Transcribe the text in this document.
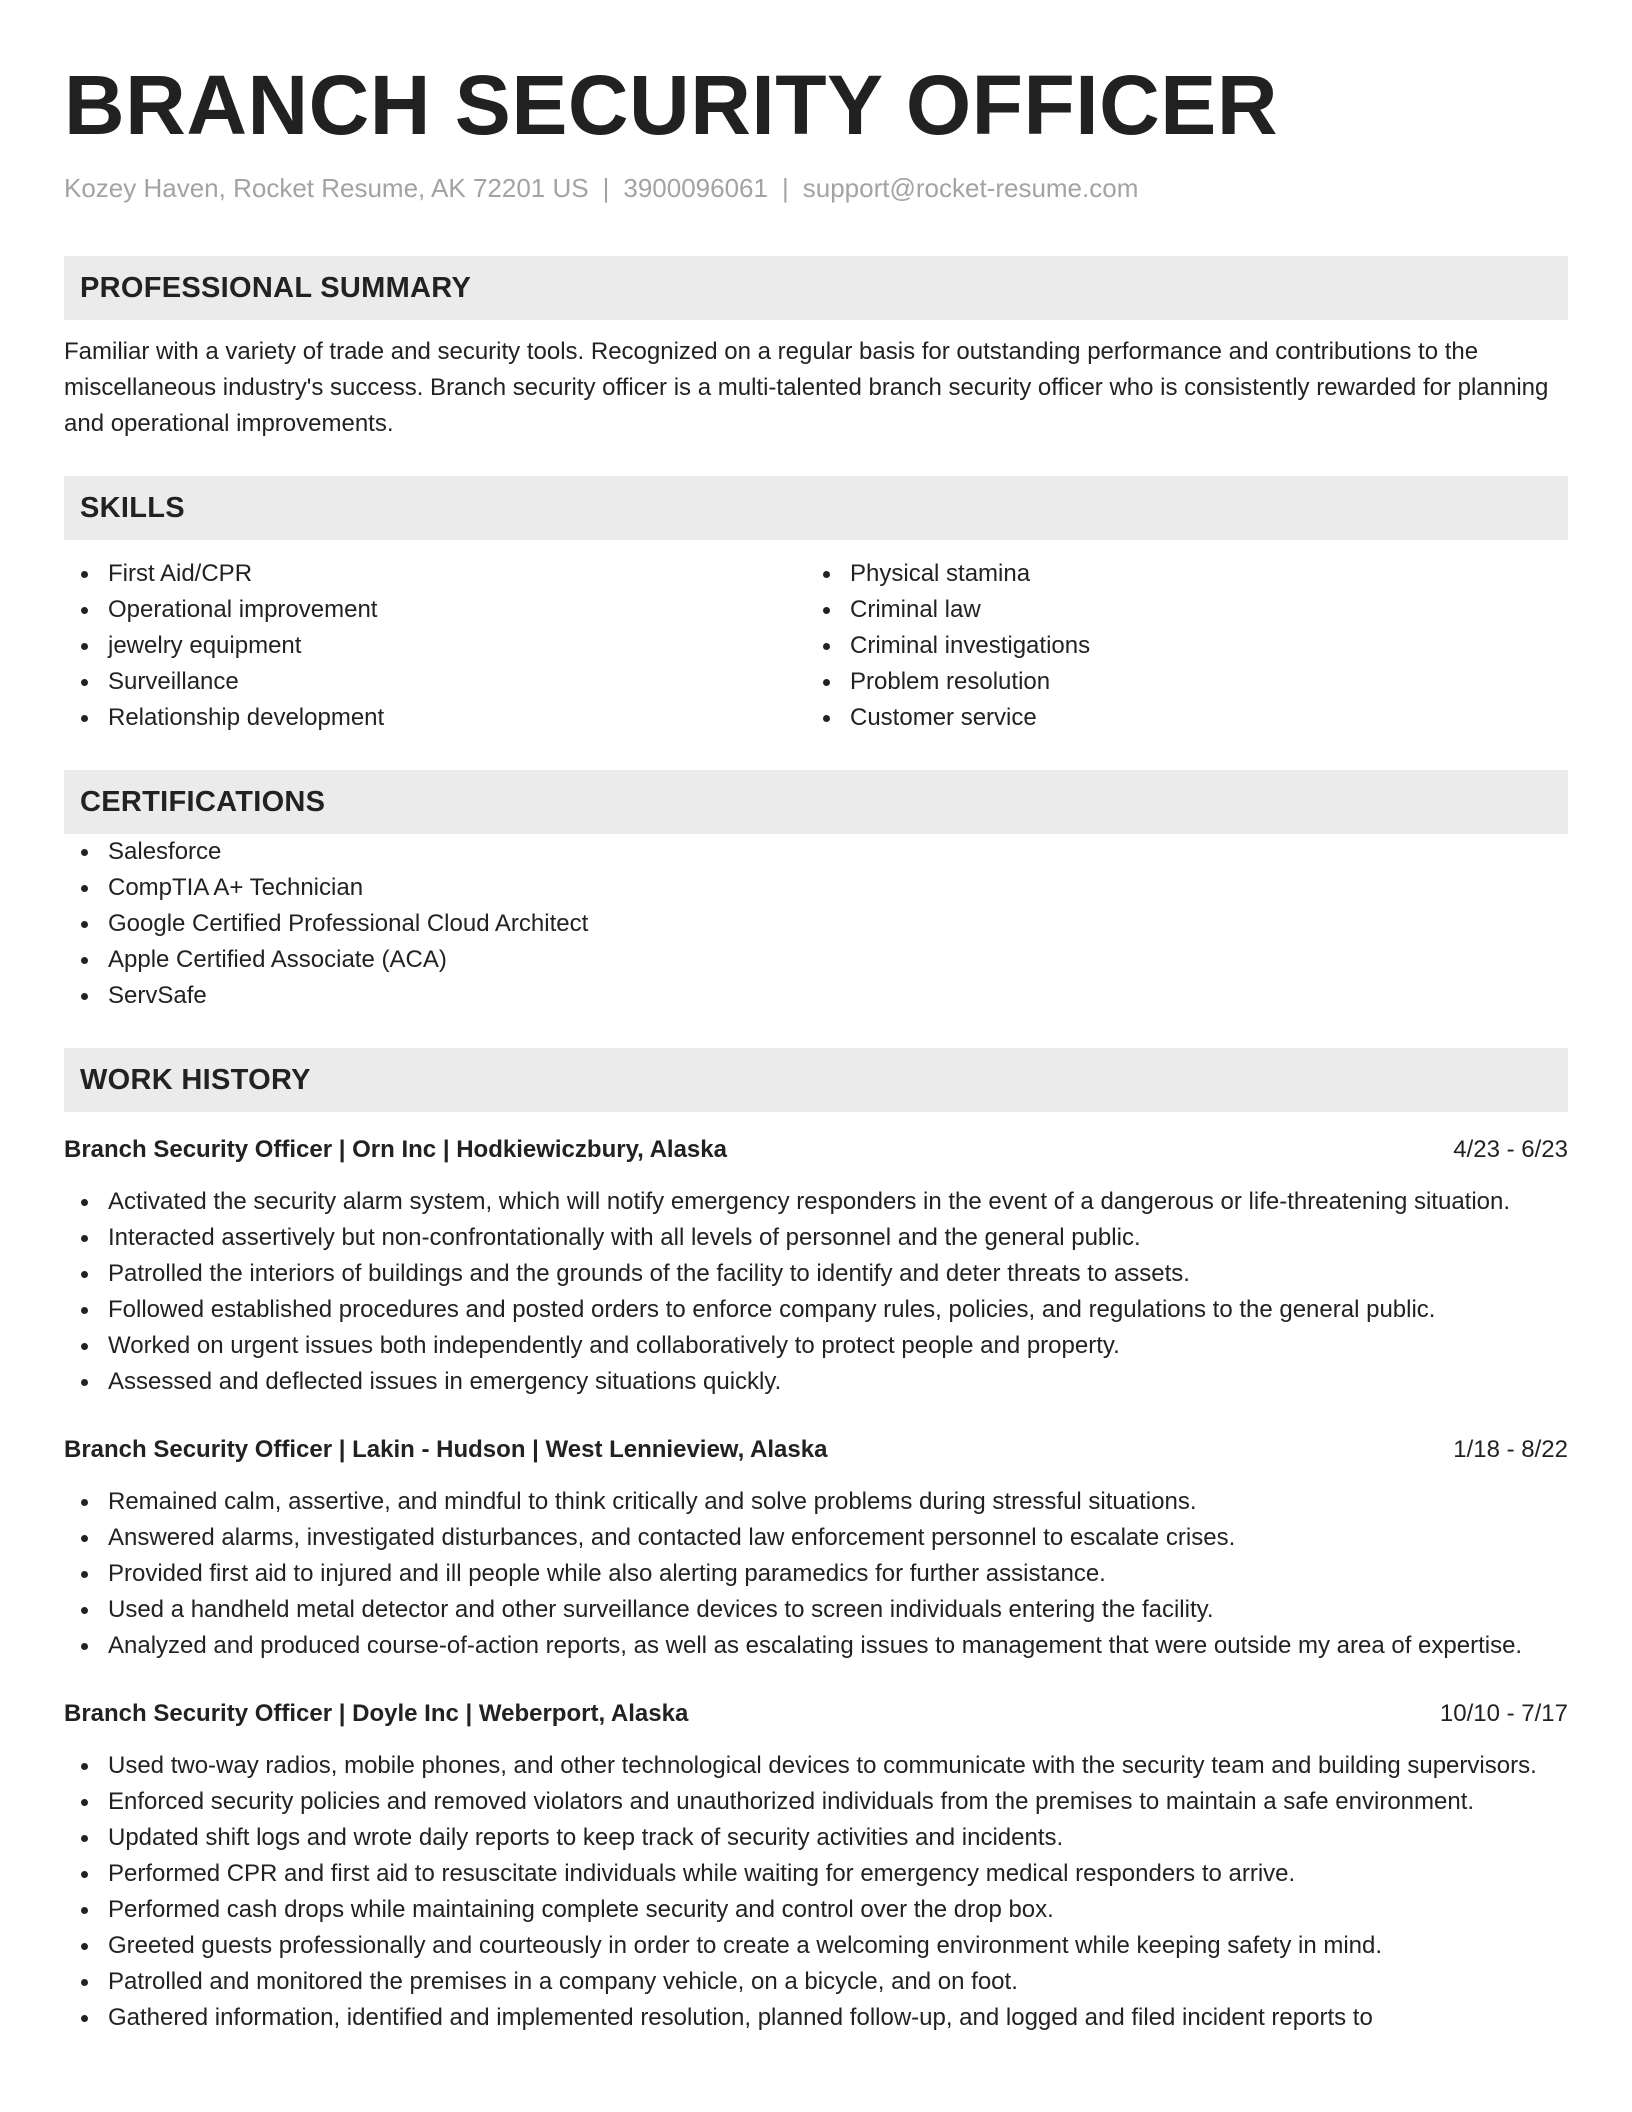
BRANCH SECURITY OFFICER
Kozey Haven, Rocket Resume, AK 72201 US | 3900096061 | support@rocket-resume.com
PROFESSIONAL SUMMARY
Familiar with a variety of trade and security tools. Recognized on a regular basis for outstanding performance and contributions to the miscellaneous industry's success. Branch security officer is a multi-talented branch security officer who is consistently rewarded for planning and operational improvements.
SKILLS
First Aid/CPR
Operational improvement
jewelry equipment
Surveillance
Relationship development
Physical stamina
Criminal law
Criminal investigations
Problem resolution
Customer service
CERTIFICATIONS
Salesforce
CompTIA A+ Technician
Google Certified Professional Cloud Architect
Apple Certified Associate (ACA)
ServSafe
WORK HISTORY
Branch Security Officer | Orn Inc | Hodkiewiczbury, Alaska	4/23 - 6/23
Activated the security alarm system, which will notify emergency responders in the event of a dangerous or life-threatening situation.
Interacted assertively but non-confrontationally with all levels of personnel and the general public.
Patrolled the interiors of buildings and the grounds of the facility to identify and deter threats to assets.
Followed established procedures and posted orders to enforce company rules, policies, and regulations to the general public.
Worked on urgent issues both independently and collaboratively to protect people and property.
Assessed and deflected issues in emergency situations quickly.
Branch Security Officer | Lakin - Hudson | West Lennieview, Alaska	1/18 - 8/22
Remained calm, assertive, and mindful to think critically and solve problems during stressful situations.
Answered alarms, investigated disturbances, and contacted law enforcement personnel to escalate crises.
Provided first aid to injured and ill people while also alerting paramedics for further assistance.
Used a handheld metal detector and other surveillance devices to screen individuals entering the facility.
Analyzed and produced course-of-action reports, as well as escalating issues to management that were outside my area of expertise.
Branch Security Officer | Doyle Inc | Weberport, Alaska	10/10 - 7/17
Used two-way radios, mobile phones, and other technological devices to communicate with the security team and building supervisors.
Enforced security policies and removed violators and unauthorized individuals from the premises to maintain a safe environment.
Updated shift logs and wrote daily reports to keep track of security activities and incidents.
Performed CPR and first aid to resuscitate individuals while waiting for emergency medical responders to arrive.
Performed cash drops while maintaining complete security and control over the drop box.
Greeted guests professionally and courteously in order to create a welcoming environment while keeping safety in mind.
Patrolled and monitored the premises in a company vehicle, on a bicycle, and on foot.
Gathered information, identified and implemented resolution, planned follow-up, and logged and filed incident reports to
